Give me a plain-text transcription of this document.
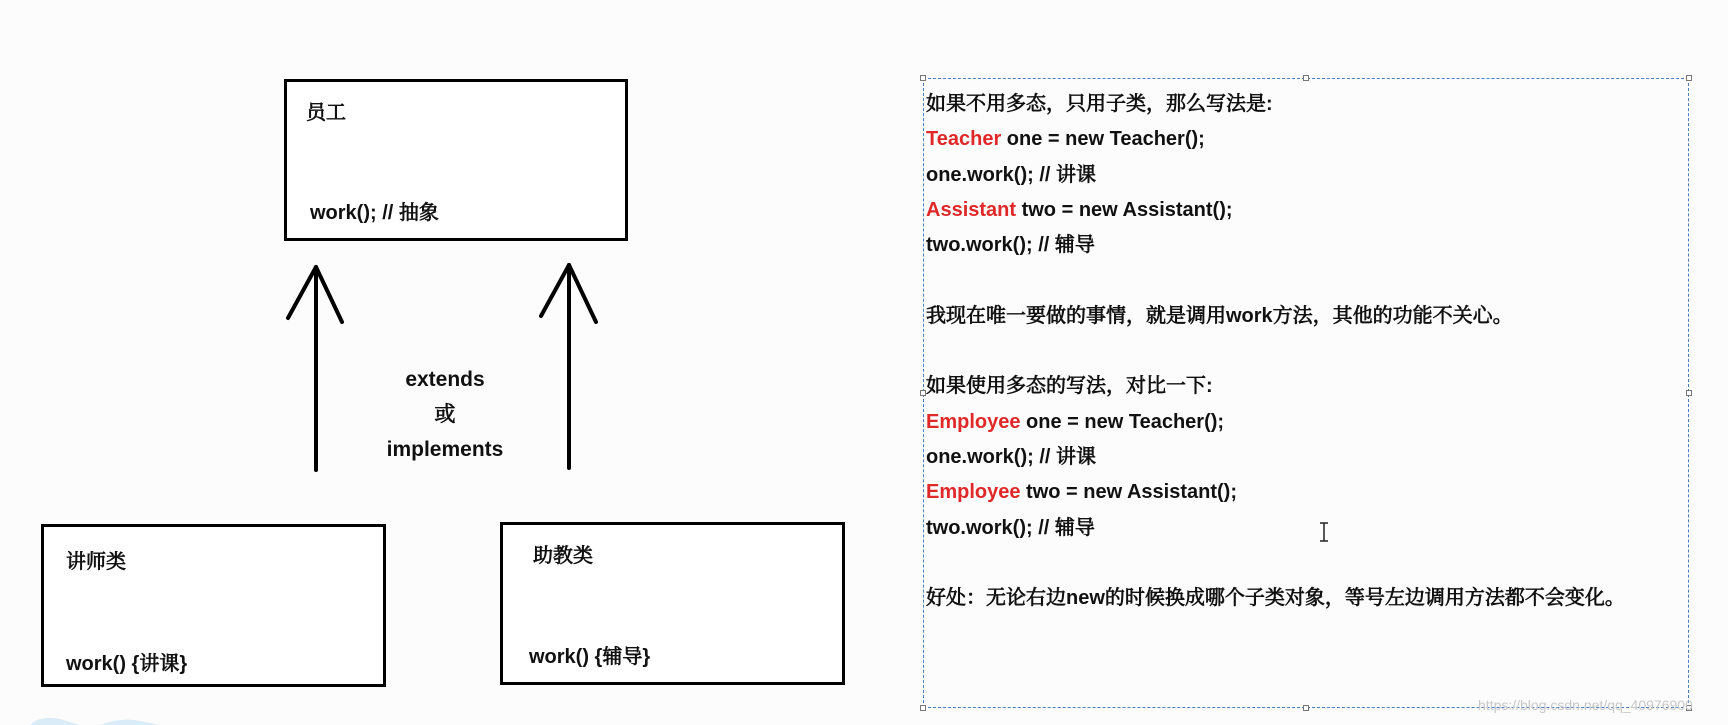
员工
work(); // 抽象
extends
或
implements
讲师类
work() {讲课}
助教类
work() {辅导}
如果不用多态，只用子类，那么写法是:
Teacher one = new Teacher();
one.work(); // 讲课
Assistant two = new Assistant();
two.work(); // 辅导
我现在唯一要做的事情，就是调用work方法，其他的功能不关心。
如果使用多态的写法，对比一下:
Employee one = new Teacher();
one.work(); // 讲课
Employee two = new Assistant();
two.work(); // 辅导
好处：无论右边new的时候换成哪个子类对象，等号左边调用方法都不会变化。
https://blog.csdn.net/qq_40976900
